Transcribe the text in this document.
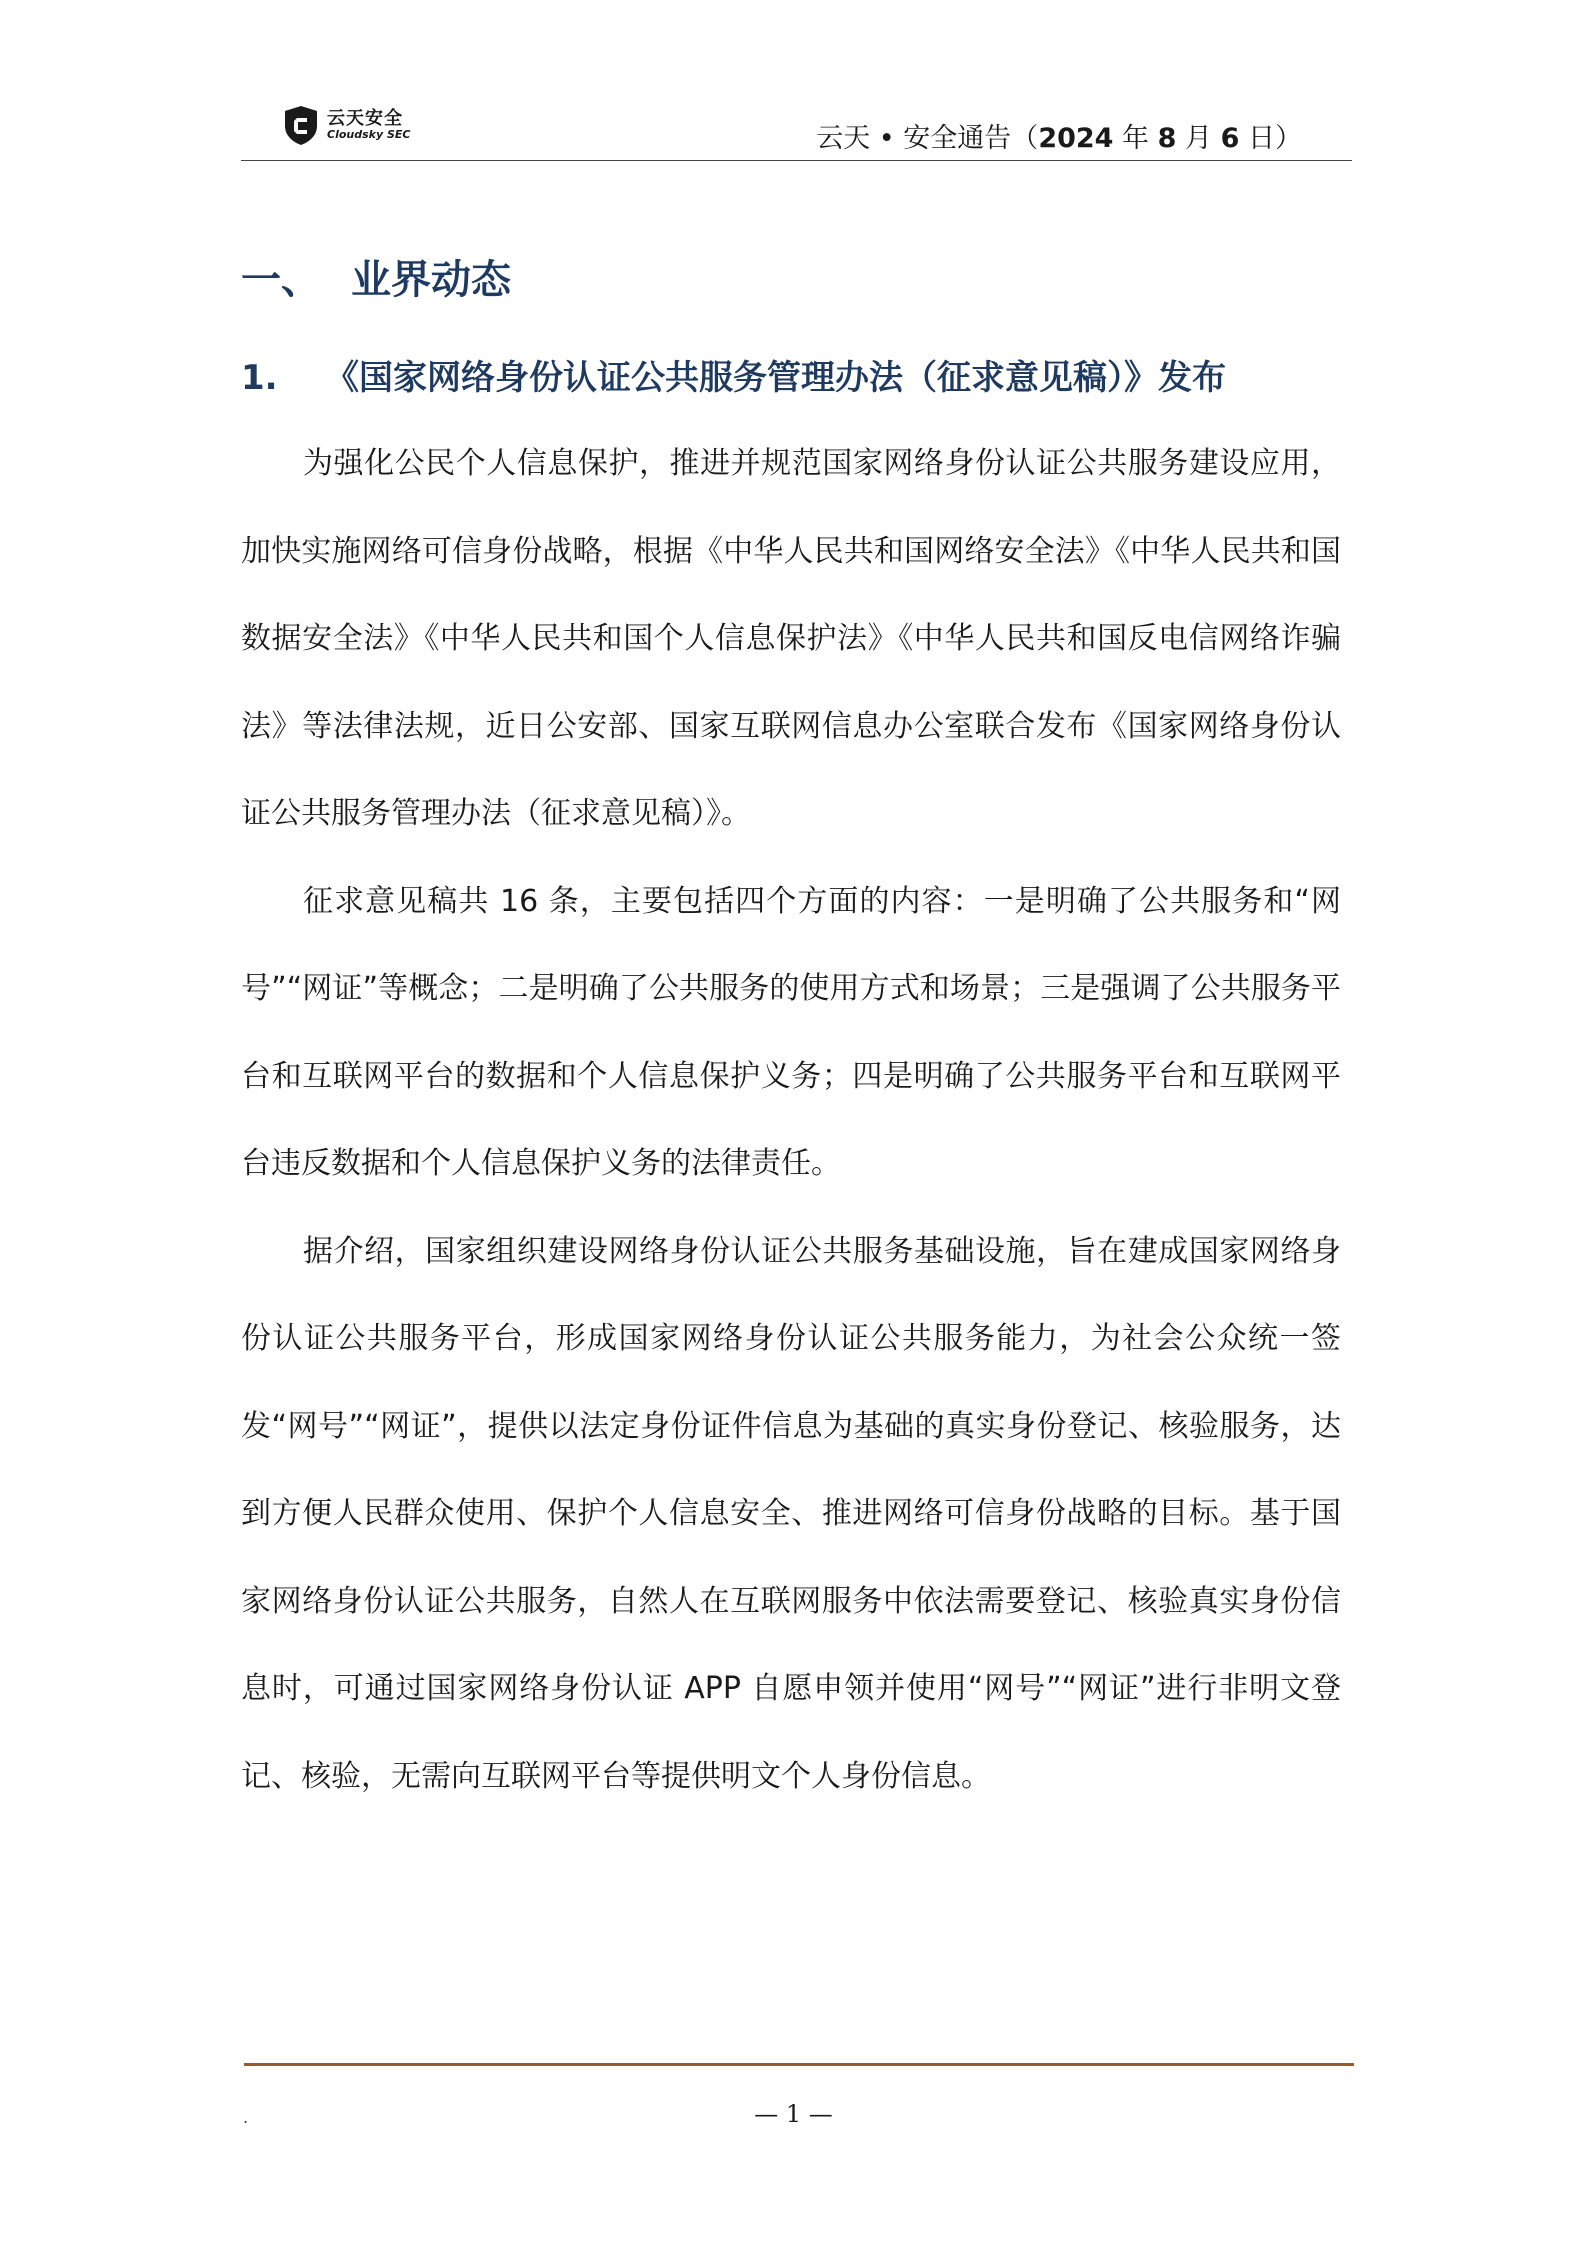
云天安全
Cloudsky SEC	云天 • 安全通告（2024 年 8 月 6 日）
一、 业界动态
1. 《国家网络身份认证公共服务管理办法（征求意见稿）》发布

为强化公民个人信息保护，推进并规范国家网络身份认证公共服务建设应用，加快实施网络可信身份战略，根据《中华人民共和国网络安全法》《中华人民共和国数据安全法》《中华人民共和国个人信息保护法》《中华人民共和国反电信网络诈骗法》等法律法规，近日公安部、国家互联网信息办公室联合发布《国家网络身份认证公共服务管理办法（征求意见稿）》。

征求意见稿共 16 条，主要包括四个方面的内容：一是明确了公共服务和“网号”“网证”等概念；二是明确了公共服务的使用方式和场景；三是强调了公共服务平台和互联网平台的数据和个人信息保护义务；四是明确了公共服务平台和互联网平台违反数据和个人信息保护义务的法律责任。

据介绍，国家组织建设网络身份认证公共服务基础设施，旨在建成国家网络身份认证公共服务平台，形成国家网络身份认证公共服务能力，为社会公众统一签发“网号”“网证”，提供以法定身份证件信息为基础的真实身份登记、核验服务，达到方便人民群众使用、保护个人信息安全、推进网络可信身份战略的目标。基于国家网络身份认证公共服务，自然人在互联网服务中依法需要登记、核验真实身份信息时，可通过国家网络身份认证 APP 自愿申领并使用“网号”“网证”进行非明文登记、核验，无需向互联网平台等提供明文个人身份信息。

.	— 1 —
